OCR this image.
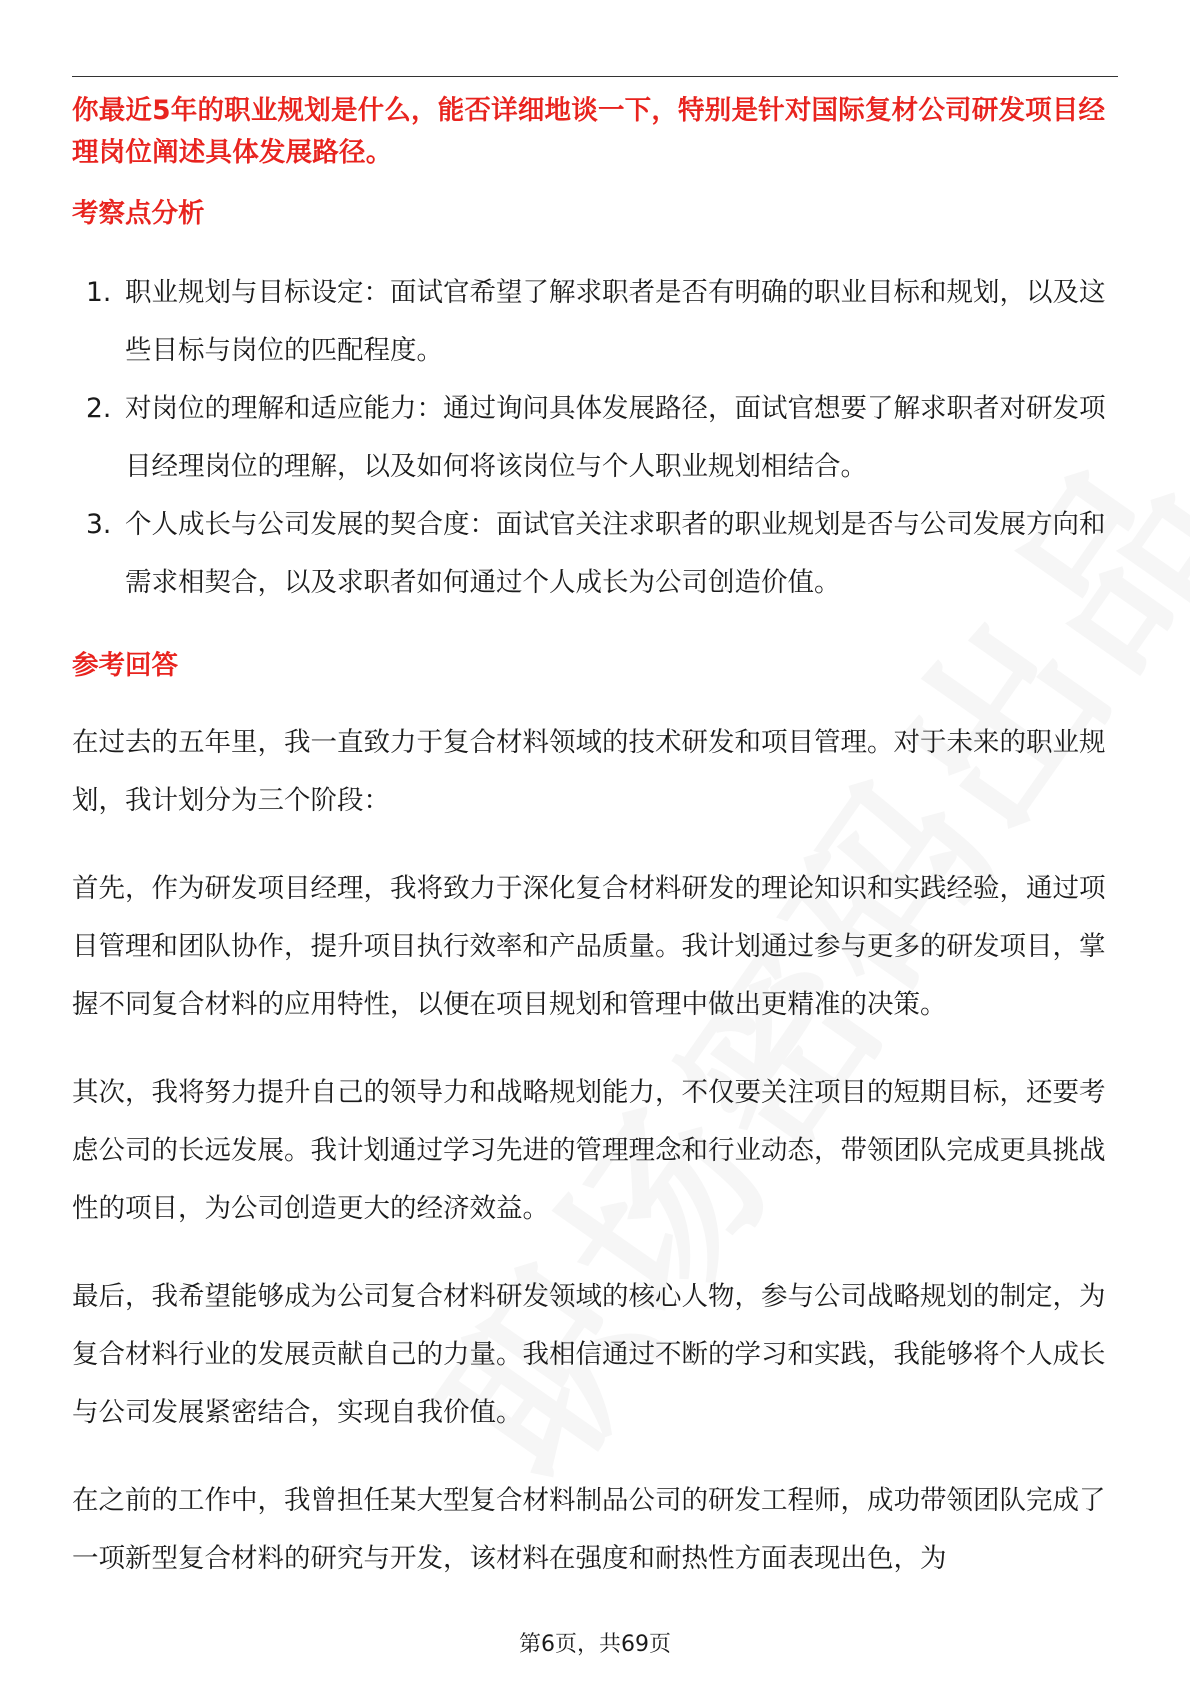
你最近5年的职业规划是什么，能否详细地谈一下，特别是针对国际复材公司研发项目经理岗位阐述具体发展路径。

考察点分析
1. 职业规划与目标设定：面试官希望了解求职者是否有明确的职业目标和规划，以及这些目标与岗位的匹配程度。
2. 对岗位的理解和适应能力：通过询问具体发展路径，面试官想要了解求职者对研发项目经理岗位的理解，以及如何将该岗位与个人职业规划相结合。
3. 个人成长与公司发展的契合度：面试官关注求职者的职业规划是否与公司发展方向和需求相契合，以及求职者如何通过个人成长为公司创造价值。
参考回答

在过去的五年里，我一直致力于复合材料领域的技术研发和项目管理。对于未来的职业规划，我计划分为三个阶段：

首先，作为研发项目经理，我将致力于深化复合材料研发的理论知识和实践经验，通过项目管理和团队协作，提升项目执行效率和产品质量。我计划通过参与更多的研发项目，掌握不同复合材料的应用特性，以便在项目规划和管理中做出更精准的决策。

其次，我将努力提升自己的领导力和战略规划能力，不仅要关注项目的短期目标，还要考虑公司的长远发展。我计划通过学习先进的管理理念和行业动态，带领团队完成更具挑战性的项目，为公司创造更大的经济效益。

最后，我希望能够成为公司复合材料研发领域的核心人物，参与公司战略规划的制定，为复合材料行业的发展贡献自己的力量。我相信通过不断的学习和实践，我能够将个人成长与公司发展紧密结合，实现自我价值。

在之前的工作中，我曾担任某大型复合材料制品公司的研发工程师，成功带领团队完成了一项新型复合材料的研究与开发，该材料在强度和耐热性方面表现出色，为

第6页，共69页
